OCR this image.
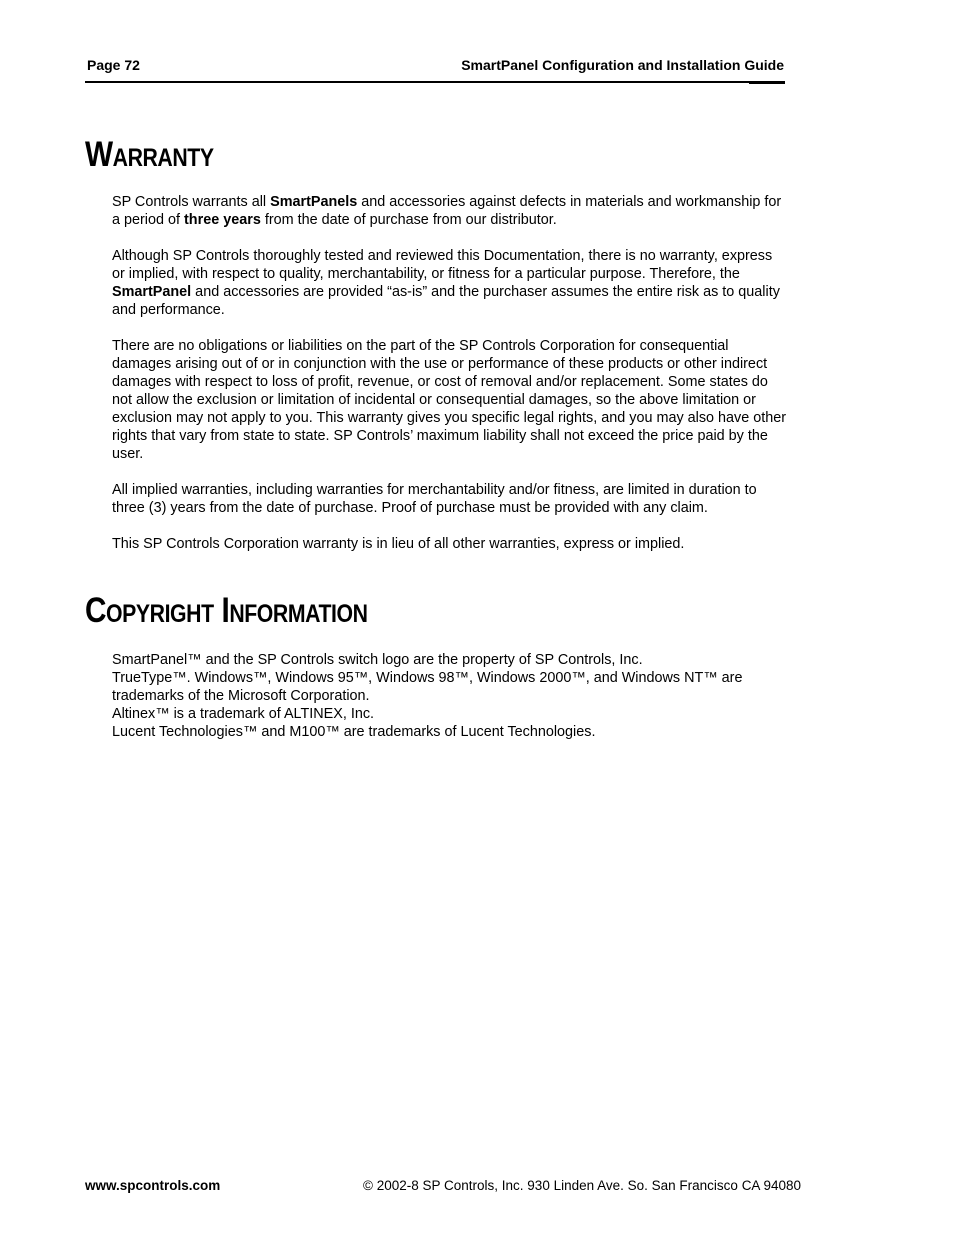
Page 72	SmartPanel Configuration and Installation Guide
Warranty

SP Controls warrants all SmartPanels and accessories against defects in materials and workmanship for a period of three years from the date of purchase from our distributor.

Although SP Controls thoroughly tested and reviewed this Documentation, there is no warranty, express or implied, with respect to quality, merchantability, or fitness for a particular purpose. Therefore, the SmartPanel and accessories are provided “as-is” and the purchaser assumes the entire risk as to quality and performance.

There are no obligations or liabilities on the part of the SP Controls Corporation for consequential damages arising out of or in conjunction with the use or performance of these products or other indirect damages with respect to loss of profit, revenue, or cost of removal and/or replacement. Some states do not allow the exclusion or limitation of incidental or consequential damages, so the above limitation or exclusion may not apply to you. This warranty gives you specific legal rights, and you may also have other rights that vary from state to state. SP Controls’ maximum liability shall not exceed the price paid by the user.

All implied warranties, including warranties for merchantability and/or fitness, are limited in duration to three (3) years from the date of purchase. Proof of purchase must be provided with any claim.

This SP Controls Corporation warranty is in lieu of all other warranties, express or implied.

Copyright Information
SmartPanel™ and the SP Controls switch logo are the property of SP Controls, Inc.
TrueType™. Windows™, Windows 95™, Windows 98™, Windows 2000™, and Windows NT™ are trademarks of the Microsoft Corporation.
Altinex™ is a trademark of ALTINEX, Inc.
Lucent Technologies™ and M100™ are trademarks of Lucent Technologies.
www.spcontrols.com	© 2002-8 SP Controls, Inc. 930 Linden Ave. So. San Francisco CA 94080
